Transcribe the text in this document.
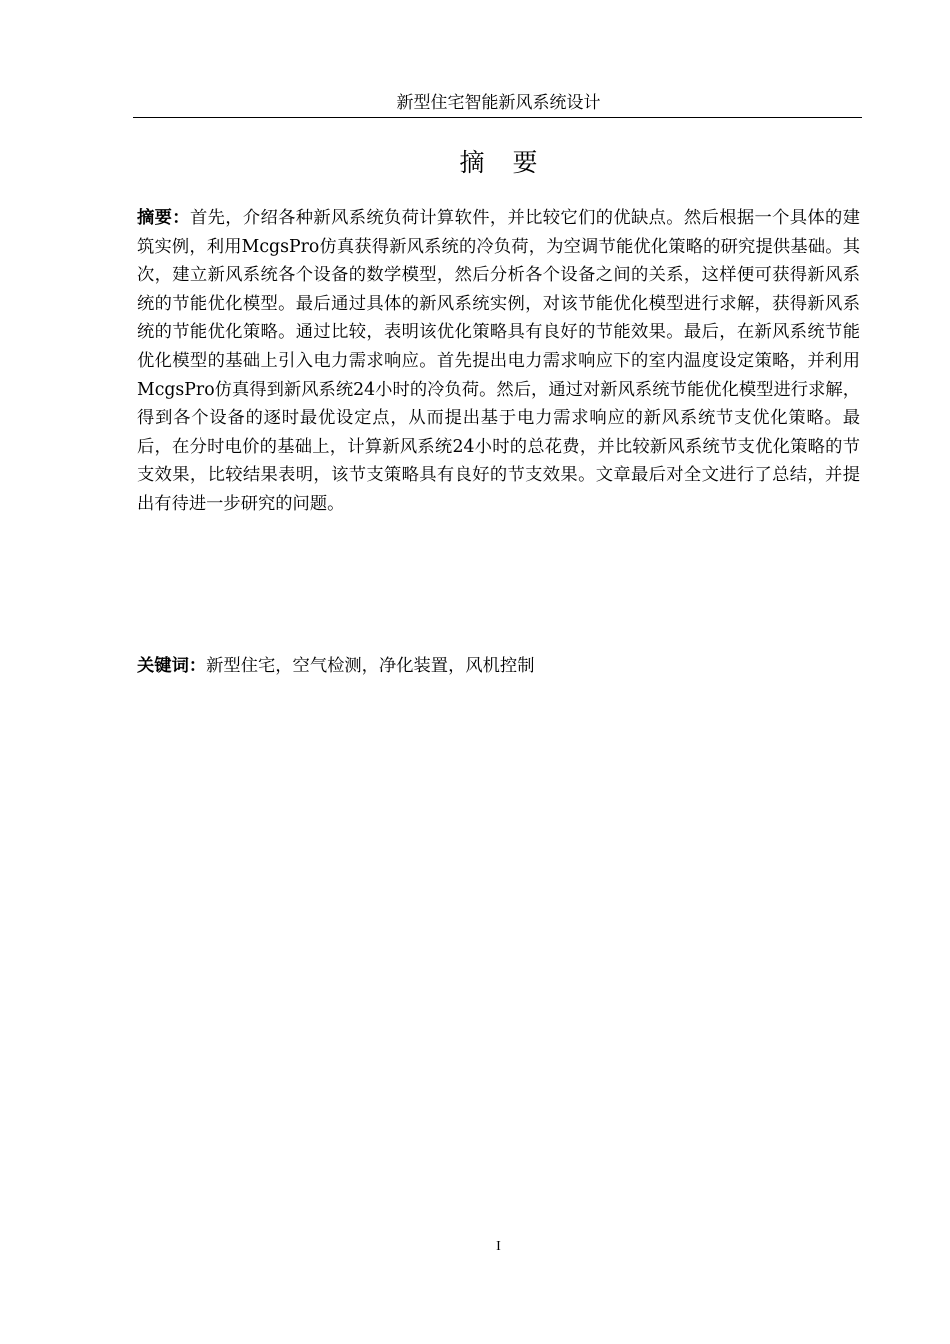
新型住宅智能新风系统设计
摘要
摘要：首先，介绍各种新风系统负荷计算软件，并比较它们的优缺点。然后根据一个具体的建筑实例，利用McgsPro仿真获得新风系统的冷负荷，为空调节能优化策略的研究提供基础。其次，建立新风系统各个设备的数学模型，然后分析各个设备之间的关系，这样便可获得新风系统的节能优化模型。最后通过具体的新风系统实例，对该节能优化模型进行求解，获得新风系统的节能优化策略。通过比较，表明该优化策略具有良好的节能效果。最后，在新风系统节能优化模型的基础上引入电力需求响应。首先提出电力需求响应下的室内温度设定策略，并利用McgsPro仿真得到新风系统24小时的冷负荷。然后，通过对新风系统节能优化模型进行求解，得到各个设备的逐时最优设定点，从而提出基于电力需求响应的新风系统节支优化策略。最后，在分时电价的基础上，计算新风系统24小时的总花费，并比较新风系统节支优化策略的节支效果，比较结果表明，该节支策略具有良好的节支效果。文章最后对全文进行了总结，并提出有待进一步研究的问题。
关键词：新型住宅，空气检测，净化装置，风机控制
I
